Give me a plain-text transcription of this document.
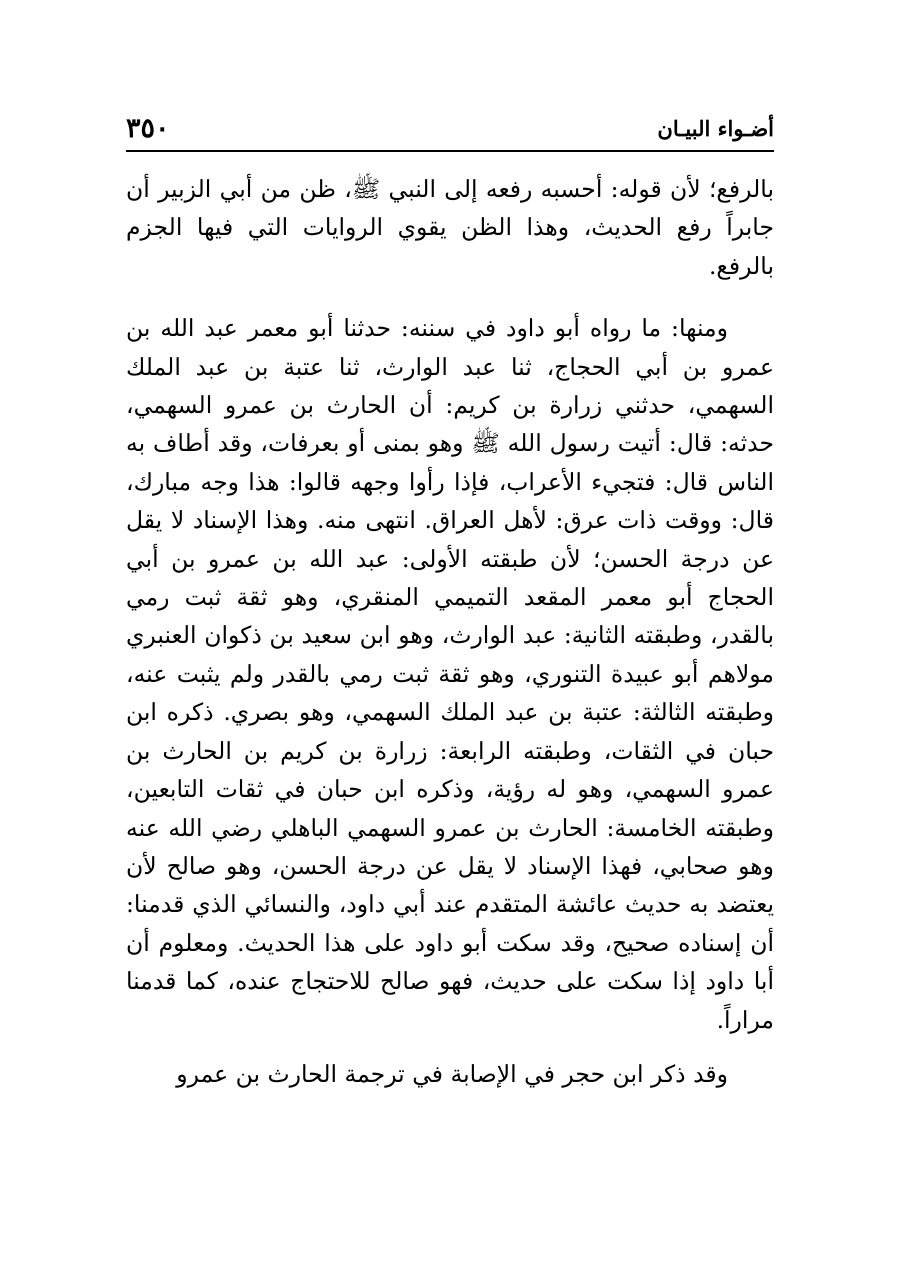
أضـواء البيـان
٣٥٠

بالرفع؛ لأن قوله: أحسبه رفعه إلى النبي ﷺ، ظن من أبي الزبير أن جابراً رفع الحديث، وهذا الظن يقوي الروايات التي فيها الجزم بالرفع.

ومنها: ما رواه أبو داود في سننه: حدثنا أبو معمر عبد الله بن عمرو بن أبي الحجاج، ثنا عبد الوارث، ثنا عتبة بن عبد الملك السهمي، حدثني زرارة بن كريم: أن الحارث بن عمرو السهمي، حدثه: قال: أتيت رسول الله ﷺ وهو بمنى أو بعرفات، وقد أطاف به الناس قال: فتجيء الأعراب، فإذا رأوا وجهه قالوا: هذا وجه مبارك، قال: ووقت ذات عرق: لأهل العراق. انتهى منه. وهذا الإسناد لا يقل عن درجة الحسن؛ لأن طبقته الأولى: عبد الله بن عمرو بن أبي الحجاج أبو معمر المقعد التميمي المنقري، وهو ثقة ثبت رمي بالقدر، وطبقته الثانية: عبد الوارث، وهو ابن سعيد بن ذكوان العنبري مولاهم أبو عبيدة التنوري، وهو ثقة ثبت رمي بالقدر ولم يثبت عنه، وطبقته الثالثة: عتبة بن عبد الملك السهمي، وهو بصري. ذكره ابن حبان في الثقات، وطبقته الرابعة: زرارة بن كريم بن الحارث بن عمرو السهمي، وهو له رؤية، وذكره ابن حبان في ثقات التابعين، وطبقته الخامسة: الحارث بن عمرو السهمي الباهلي رضي الله عنه وهو صحابي، فهذا الإسناد لا يقل عن درجة الحسن، وهو صالح لأن يعتضد به حديث عائشة المتقدم عند أبي داود، والنسائي الذي قدمنا: أن إسناده صحيح، وقد سكت أبو داود على هذا الحديث. ومعلوم أن أبا داود إذا سكت على حديث، فهو صالح للاحتجاج عنده، كما قدمنا مراراً.

وقد ذكر ابن حجر في الإصابة في ترجمة الحارث بن عمرو
